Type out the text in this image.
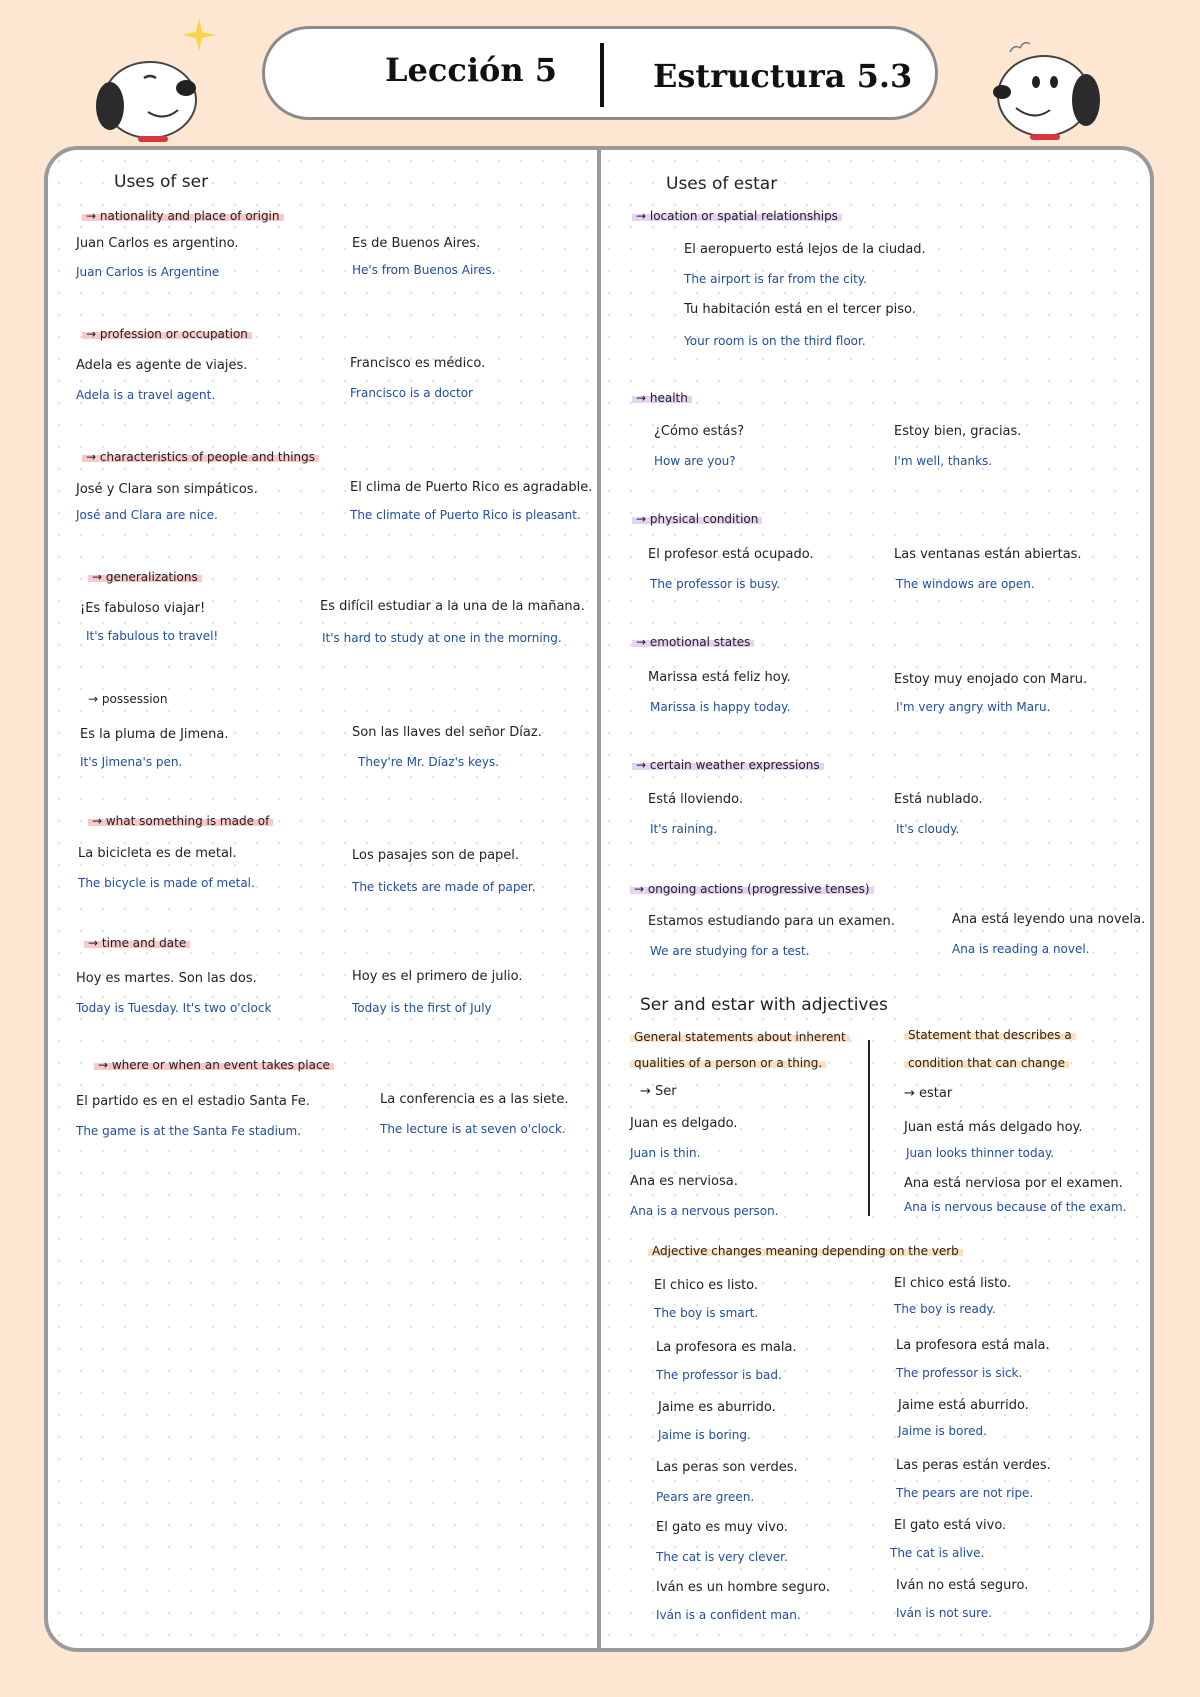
Lección 5	Estructura 5.3
Uses of ser
→ nationality and place of origin
Juan Carlos es argentino.
Juan Carlos is Argentine
Es de Buenos Aires.
He's from Buenos Aires.
→ profession or occupation
Adela es agente de viajes.
Adela is a travel agent.
Francisco es médico.
Francisco is a doctor
→ characteristics of people and things
José y Clara son simpáticos.
José and Clara are nice.
El clima de Puerto Rico es agradable.
The climate of Puerto Rico is pleasant.
→ generalizations
¡Es fabuloso viajar!
It's fabulous to travel!
Es difícil estudiar a la una de la mañana.
It's hard to study at one in the morning.
→ possession
Es la pluma de Jimena.
It's Jimena's pen.
Son las llaves del señor Díaz.
They're Mr. Díaz's keys.
→ what something is made of
La bicicleta es de metal.
The bicycle is made of metal.
Los pasajes son de papel.
The tickets are made of paper.
→ time and date
Hoy es martes. Son las dos.
Today is Tuesday. It's two o'clock
Hoy es el primero de julio.
Today is the first of July
→ where or when an event takes place
El partido es en el estadio Santa Fe.
The game is at the Santa Fe stadium.
La conferencia es a las siete.
The lecture is at seven o'clock.
Uses of estar
→ location or spatial relationships
El aeropuerto está lejos de la ciudad.
The airport is far from the city.
Tu habitación está en el tercer piso.
Your room is on the third floor.
→ health
¿Cómo estás?
How are you?
Estoy bien, gracias.
I'm well, thanks.
→ physical condition
El profesor está ocupado.
The professor is busy.
Las ventanas están abiertas.
The windows are open.
→ emotional states
Marissa está feliz hoy.
Marissa is happy today.
Estoy muy enojado con Maru.
I'm very angry with Maru.
→ certain weather expressions
Está lloviendo.
It's raining.
Está nublado.
It's cloudy.
→ ongoing actions (progressive tenses)
Estamos estudiando para un examen.
We are studying for a test.
Ana está leyendo una novela.
Ana is reading a novel.
Ser and estar with adjectives
General statements about inherent
qualities of a person or a thing.
→ Ser
Juan es delgado.
Juan is thin.
Ana es nerviosa.
Ana is a nervous person.
Statement that describes a
condition that can change
→ estar
Juan está más delgado hoy.
Juan looks thinner today.
Ana está nerviosa por el examen.
Ana is nervous because of the exam.
Adjective changes meaning depending on the verb
El chico es listo.
The boy is smart.
El chico está listo.
The boy is ready.
La profesora es mala.
The professor is bad.
La profesora está mala.
The professor is sick.
Jaime es aburrido.
Jaime is boring.
Jaime está aburrido.
Jaime is bored.
Las peras son verdes.
Pears are green.
Las peras están verdes.
The pears are not ripe.
El gato es muy vivo.
The cat is very clever.
El gato está vivo.
The cat is alive.
Iván es un hombre seguro.
Iván is a confident man.
Iván no está seguro.
Iván is not sure.
